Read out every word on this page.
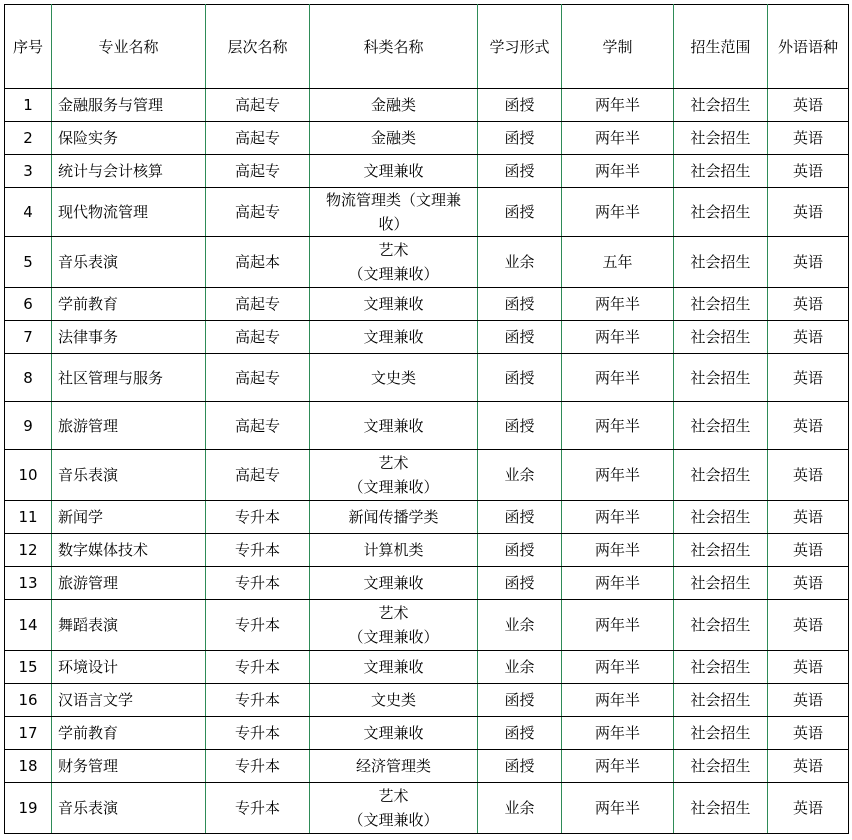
序号	专业名称	层次名称	科类名称	学习形式	学制	招生范围	外语语种
1	金融服务与管理	高起专	金融类	函授	两年半	社会招生	英语
2	保险实务	高起专	金融类	函授	两年半	社会招生	英语
3	统计与会计核算	高起专	文理兼收	函授	两年半	社会招生	英语
4	现代物流管理	高起专	物流管理类（文理兼
收）	函授	两年半	社会招生	英语
5	音乐表演	高起本	艺术
（文理兼收）	业余	五年	社会招生	英语
6	学前教育	高起专	文理兼收	函授	两年半	社会招生	英语
7	法律事务	高起专	文理兼收	函授	两年半	社会招生	英语
8	社区管理与服务	高起专	文史类	函授	两年半	社会招生	英语
9	旅游管理	高起专	文理兼收	函授	两年半	社会招生	英语
10	音乐表演	高起专	艺术
（文理兼收）	业余	两年半	社会招生	英语
11	新闻学	专升本	新闻传播学类	函授	两年半	社会招生	英语
12	数字媒体技术	专升本	计算机类	函授	两年半	社会招生	英语
13	旅游管理	专升本	文理兼收	函授	两年半	社会招生	英语
14	舞蹈表演	专升本	艺术
（文理兼收）	业余	两年半	社会招生	英语
15	环境设计	专升本	文理兼收	业余	两年半	社会招生	英语
16	汉语言文学	专升本	文史类	函授	两年半	社会招生	英语
17	学前教育	专升本	文理兼收	函授	两年半	社会招生	英语
18	财务管理	专升本	经济管理类	函授	两年半	社会招生	英语
19	音乐表演	专升本	艺术
（文理兼收）	业余	两年半	社会招生	英语
